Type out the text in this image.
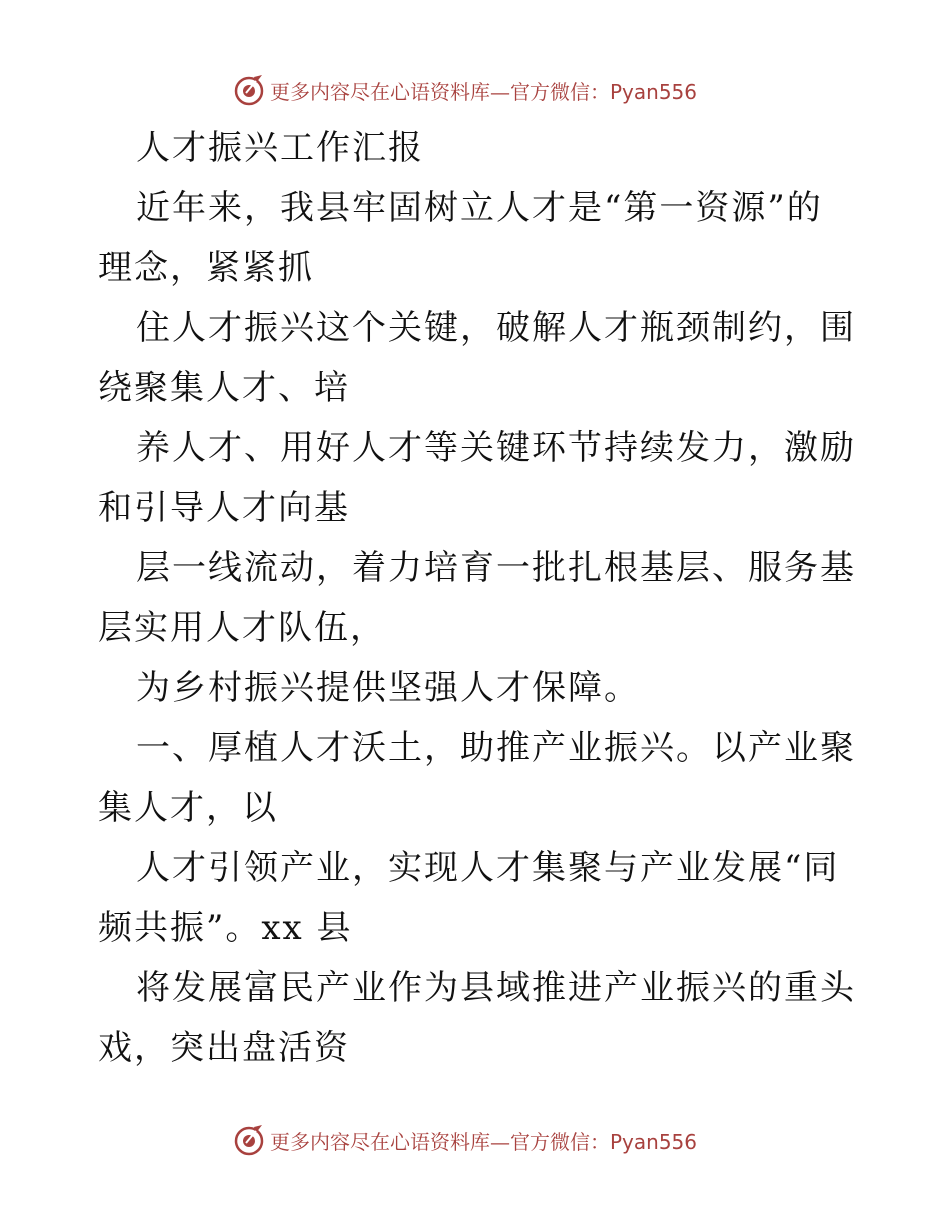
更多内容尽在心语资料库—官方微信：Pyan556

人才振兴工作汇报

近年来，我县牢固树立人才是“第一资源”的理念，紧紧抓

住人才振兴这个关键，破解人才瓶颈制约，围绕聚集人才、培

养人才、用好人才等关键环节持续发力，激励和引导人才向基

层一线流动，着力培育一批扎根基层、服务基层实用人才队伍，

为乡村振兴提供坚强人才保障。

一、厚植人才沃土，助推产业振兴。以产业聚集人才，以

人才引领产业，实现人才集聚与产业发展“同频共振”。xx 县

将发展富民产业作为县域推进产业振兴的重头戏，突出盘活资

更多内容尽在心语资料库—官方微信：Pyan556
